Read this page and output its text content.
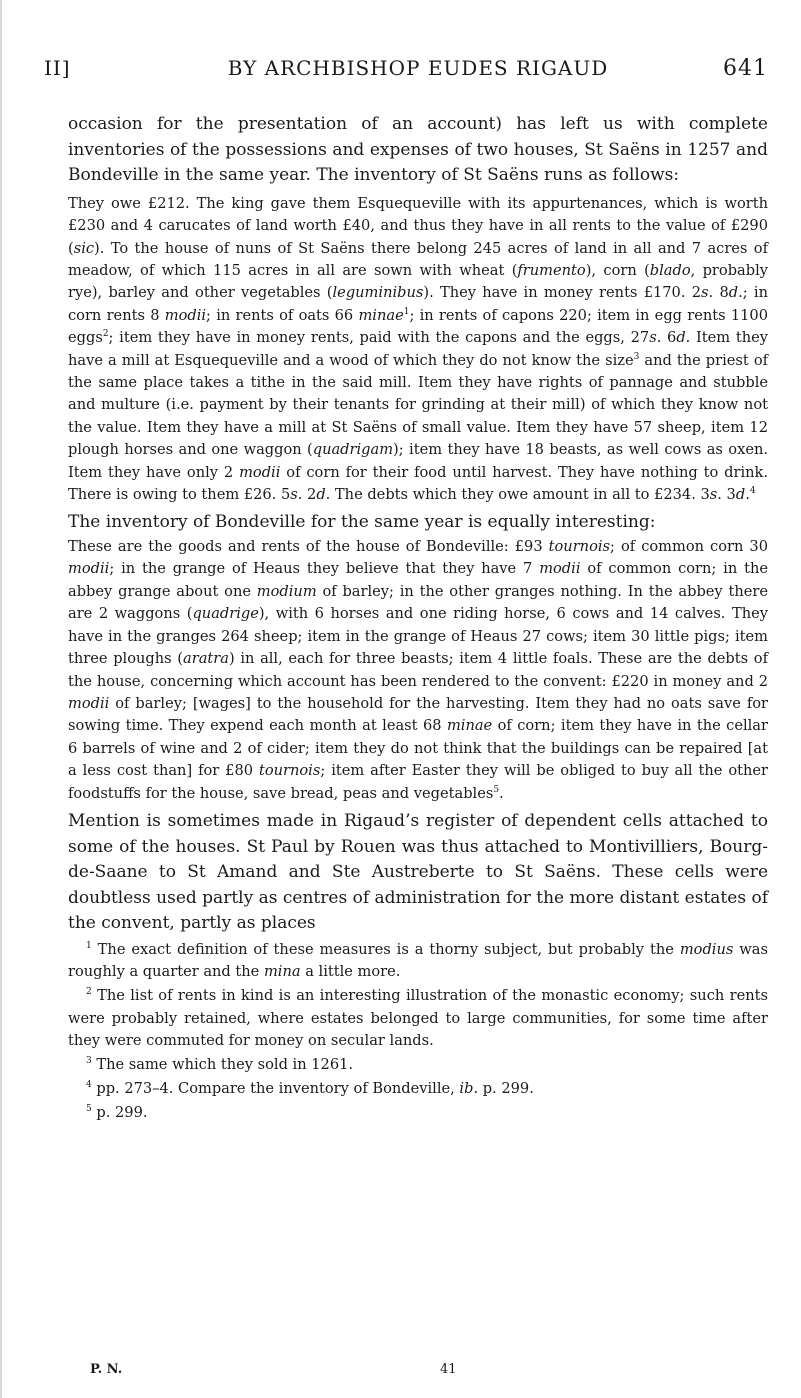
II]	BY ARCHBISHOP EUDES RIGAUD	641

occasion for the presentation of an account) has left us with complete inventories of the possessions and expenses of two houses, St Saëns in 1257 and Bondeville in the same year. The inventory of St Saëns runs as follows:

They owe £212. The king gave them Esquequeville with its appurtenances, which is worth £230 and 4 carucates of land worth £40, and thus they have in all rents to the value of £290 (sic). To the house of nuns of St Saëns there belong 245 acres of land in all and 7 acres of meadow, of which 115 acres in all are sown with wheat (frumento), corn (blado, probably rye), barley and other vegetables (leguminibus). They have in money rents £170. 2s. 8d.; in corn rents 8 modii; in rents of oats 66 minae$^1$; in rents of capons 220; item in egg rents 1100 eggs$^2$; item they have in money rents, paid with the capons and the eggs, 27s. 6d. Item they have a mill at Esquequeville and a wood of which they do not know the size$^3$ and the priest of the same place takes a tithe in the said mill. Item they have rights of pannage and stubble and multure (i.e. payment by their tenants for grinding at their mill) of which they know not the value. Item they have a mill at St Saëns of small value. Item they have 57 sheep, item 12 plough horses and one waggon (quadrigam); item they have 18 beasts, as well cows as oxen. Item they have only 2 modii of corn for their food until harvest. They have nothing to drink. There is owing to them £26. 5s. 2d. The debts which they owe amount in all to £234. 3s. 3d.$^4$

The inventory of Bondeville for the same year is equally interesting:

These are the goods and rents of the house of Bondeville: £93 tournois; of common corn 30 modii; in the grange of Heaus they believe that they have 7 modii of common corn; in the abbey grange about one modium of barley; in the other granges nothing. In the abbey there are 2 waggons (quadrige), with 6 horses and one riding horse, 6 cows and 14 calves. They have in the granges 264 sheep; item in the grange of Heaus 27 cows; item 30 little pigs; item three ploughs (aratra) in all, each for three beasts; item 4 little foals. These are the debts of the house, concerning which account has been rendered to the convent: £220 in money and 2 modii of barley; [wages] to the household for the harvesting. Item they had no oats save for sowing time. They expend each month at least 68 minae of corn; item they have in the cellar 6 barrels of wine and 2 of cider; item they do not think that the buildings can be repaired [at a less cost than] for £80 tournois; item after Easter they will be obliged to buy all the other foodstuffs for the house, save bread, peas and vegetables$^5$.

Mention is sometimes made in Rigaud’s register of dependent cells attached to some of the houses. St Paul by Rouen was thus attached to Montivilliers, Bourg-de-Saane to St Amand and Ste Austreberte to St Saëns. These cells were doubtless used partly as centres of administration for the more distant estates of the convent, partly as places

$^1$ The exact definition of these measures is a thorny subject, but probably the modius was roughly a quarter and the mina a little more.

$^2$ The list of rents in kind is an interesting illustration of the monastic economy; such rents were probably retained, where estates belonged to large communities, for some time after they were commuted for money on secular lands.

$^3$ The same which they sold in 1261.

$^4$ pp. 273–4. Compare the inventory of Bondeville, ib. p. 299.

$^5$ p. 299.

P. N.	41
